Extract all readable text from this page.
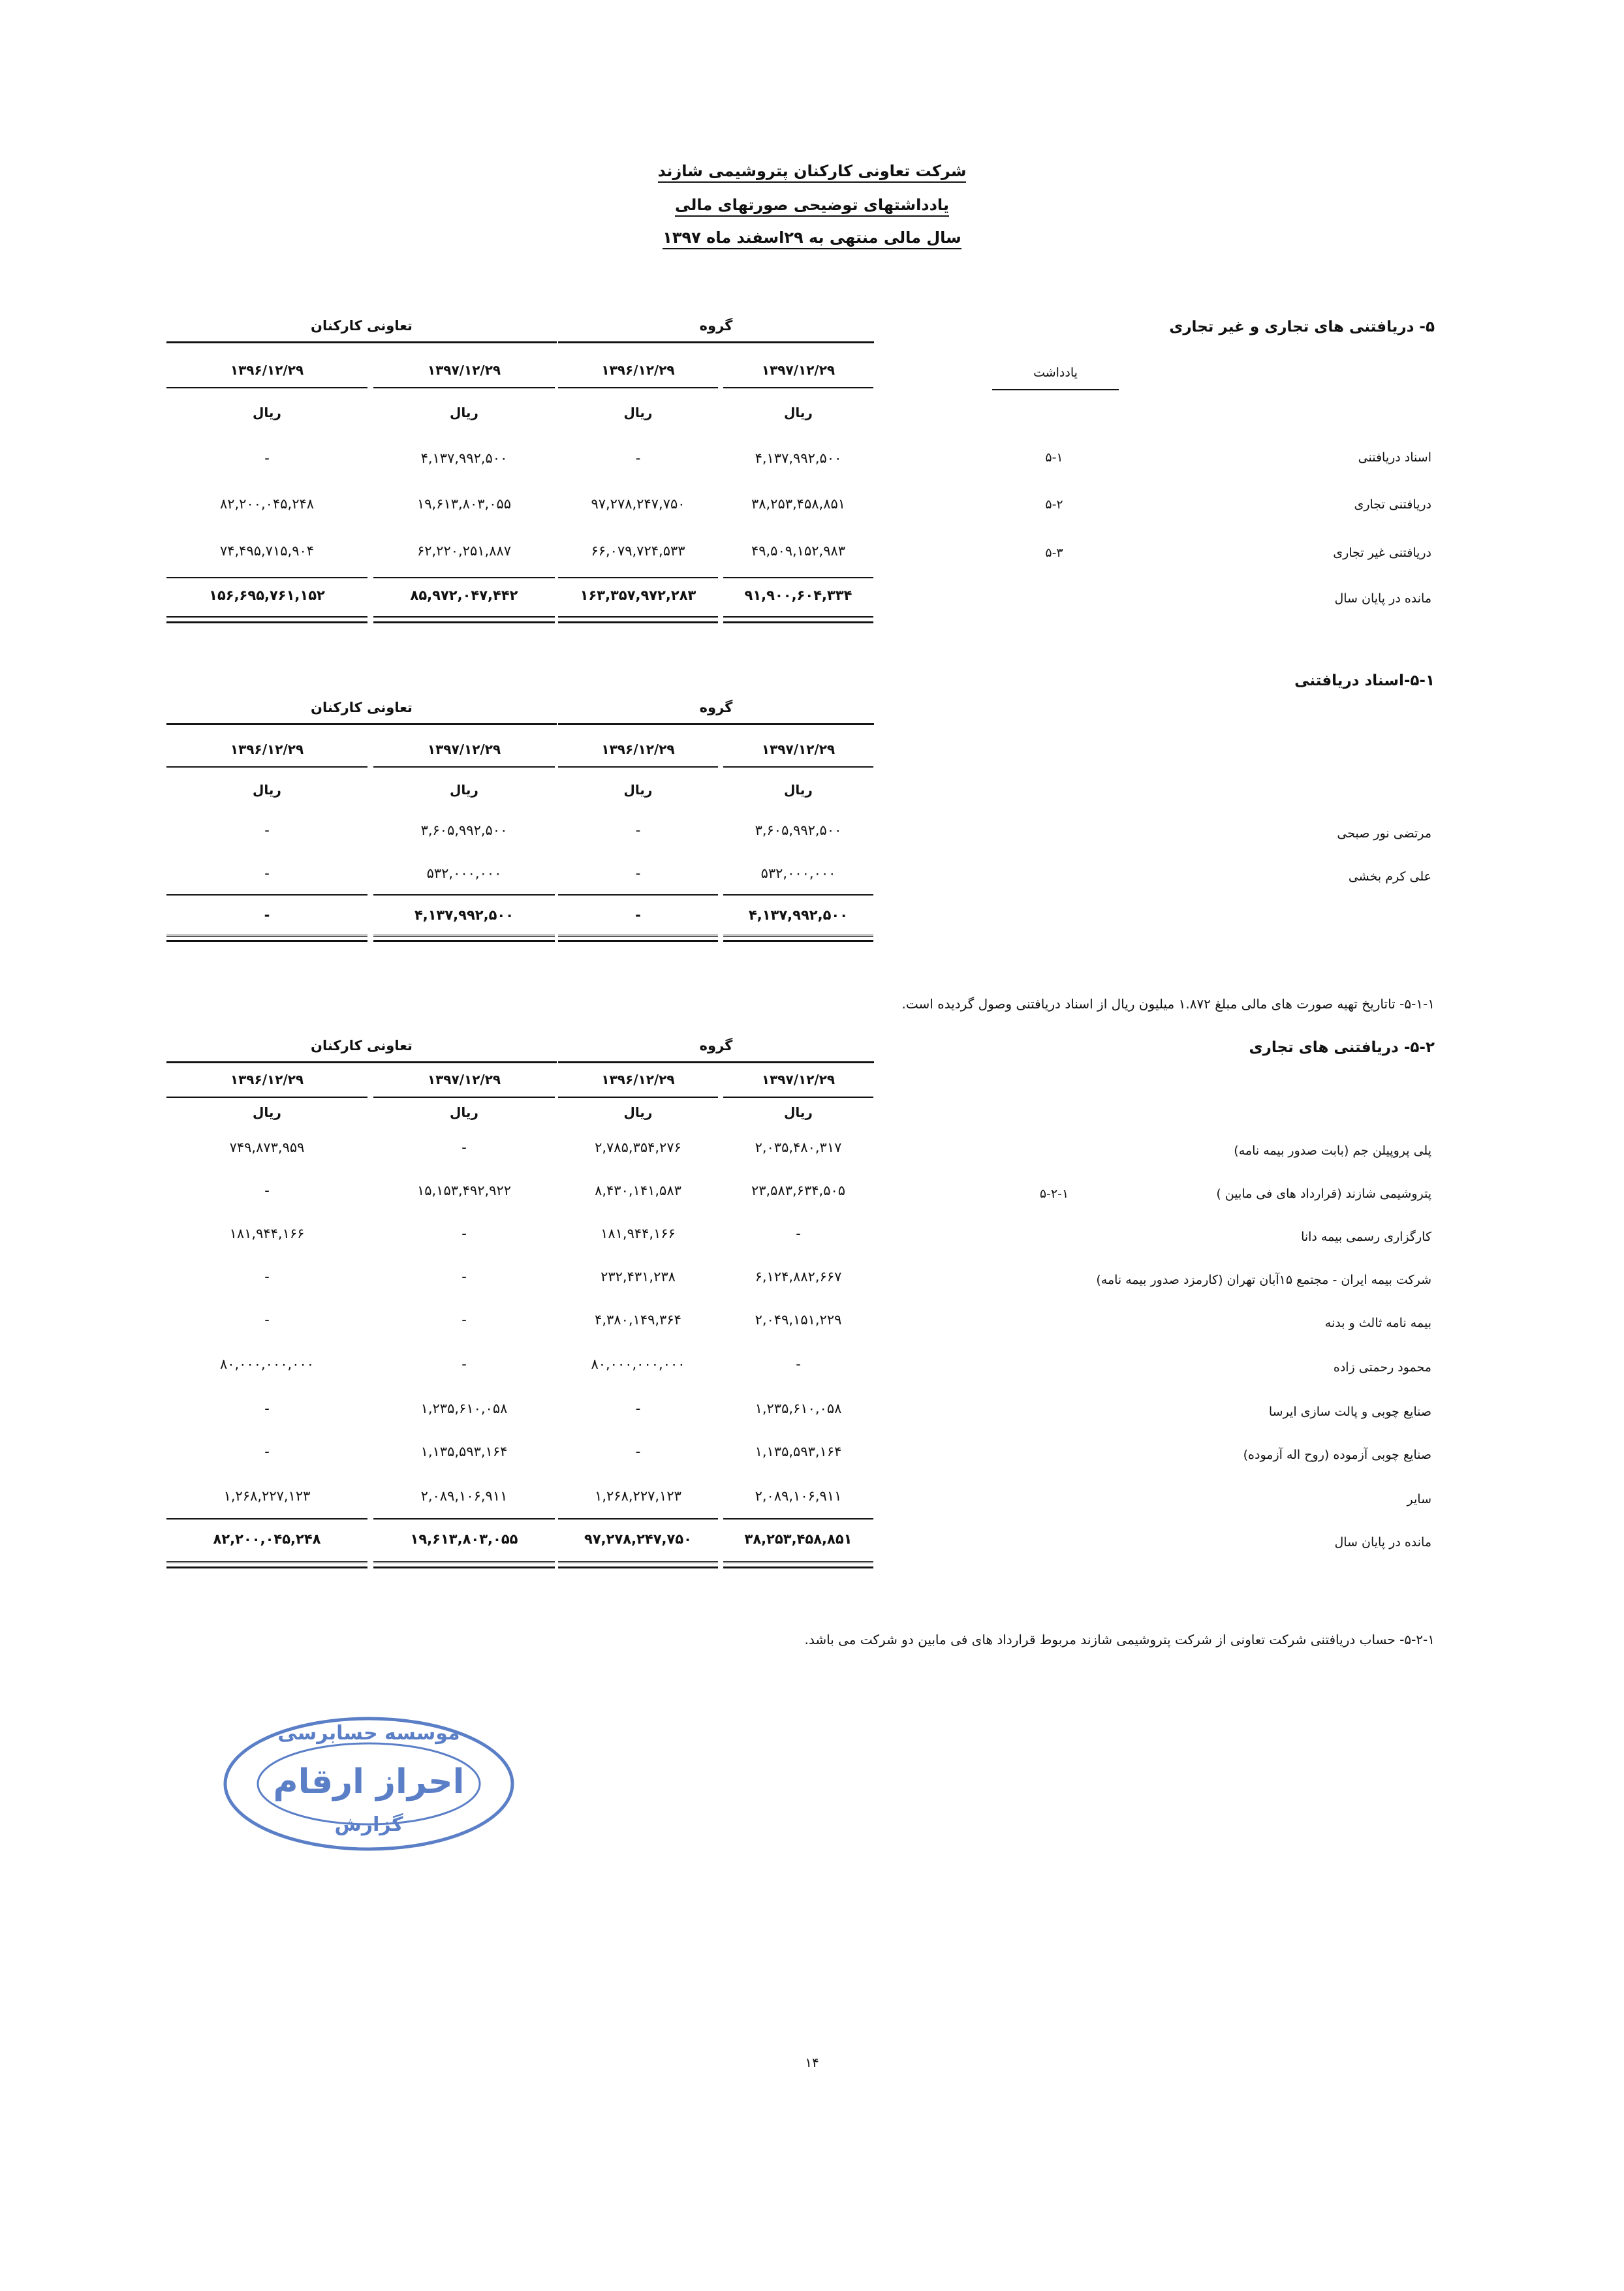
شرکت تعاونی کارکنان پتروشیمی شازند
یادداشتهای توضیحی صورتهای مالی
سال مالی منتهی به ۲۹اسفند ماه ۱۳۹۷
۵- دریافتنی های تجاری و غیر تجاری
گروه
تعاونی کارکنان
یادداشت
۱۳۹۷/۱۲/۲۹
۱۳۹۶/۱۲/۲۹
۱۳۹۷/۱۲/۲۹
۱۳۹۶/۱۲/۲۹
ریال
ریال
ریال
ریال
اسناد دریافتنی
۵-۱
۴,۱۳۷,۹۹۲,۵۰۰
-
۴,۱۳۷,۹۹۲,۵۰۰
-
دریافتنی تجاری
۵-۲
۳۸,۲۵۳,۴۵۸,۸۵۱
۹۷,۲۷۸,۲۴۷,۷۵۰
۱۹,۶۱۳,۸۰۳,۰۵۵
۸۲,۲۰۰,۰۴۵,۲۴۸
دریافتنی غیر تجاری
۵-۳
۴۹,۵۰۹,۱۵۲,۹۸۳
۶۶,۰۷۹,۷۲۴,۵۳۳
۶۲,۲۲۰,۲۵۱,۸۸۷
۷۴,۴۹۵,۷۱۵,۹۰۴
مانده در پایان سال
۹۱,۹۰۰,۶۰۴,۳۳۴
۱۶۳,۳۵۷,۹۷۲,۲۸۳
۸۵,۹۷۲,۰۴۷,۴۴۲
۱۵۶,۶۹۵,۷۶۱,۱۵۲
۵-۱-اسناد دریافتنی
گروه
تعاونی کارکنان
۱۳۹۷/۱۲/۲۹
۱۳۹۶/۱۲/۲۹
۱۳۹۷/۱۲/۲۹
۱۳۹۶/۱۲/۲۹
ریال
ریال
ریال
ریال
مرتضی نور صبحی
۳,۶۰۵,۹۹۲,۵۰۰
-
۳,۶۰۵,۹۹۲,۵۰۰
-
علی کرم بخشی
۵۳۲,۰۰۰,۰۰۰
-
۵۳۲,۰۰۰,۰۰۰
-
۴,۱۳۷,۹۹۲,۵۰۰
-
۴,۱۳۷,۹۹۲,۵۰۰
-
۵-۱-۱- تاتاریخ تهیه صورت های مالی مبلغ ۱.۸۷۲ میلیون ریال از اسناد دریافتنی وصول گردیده است.
۵-۲- دریافتنی های تجاری
گروه
تعاونی کارکنان
۱۳۹۷/۱۲/۲۹
۱۳۹۶/۱۲/۲۹
۱۳۹۷/۱۲/۲۹
۱۳۹۶/۱۲/۲۹
ریال
ریال
ریال
ریال
پلی پروپیلن جم (بابت صدور بیمه نامه)
۲,۰۳۵,۴۸۰,۳۱۷
۲,۷۸۵,۳۵۴,۲۷۶
-
۷۴۹,۸۷۳,۹۵۹
پتروشیمی شازند (قرارداد های فی مابین )
۵-۲-۱
۲۳,۵۸۳,۶۳۴,۵۰۵
۸,۴۳۰,۱۴۱,۵۸۳
۱۵,۱۵۳,۴۹۲,۹۲۲
-
کارگزاری رسمی بیمه دانا
-
۱۸۱,۹۴۴,۱۶۶
-
۱۸۱,۹۴۴,۱۶۶
شرکت بیمه ایران - مجتمع ۱۵آبان تهران (کارمزد صدور بیمه نامه)
۶,۱۲۴,۸۸۲,۶۶۷
۲۳۲,۴۳۱,۲۳۸
-
-
بیمه نامه ثالث و بدنه
۲,۰۴۹,۱۵۱,۲۲۹
۴,۳۸۰,۱۴۹,۳۶۴
-
-
محمود رحمتی زاده
-
۸۰,۰۰۰,۰۰۰,۰۰۰
-
۸۰,۰۰۰,۰۰۰,۰۰۰
صنایع چوبی و پالت سازی ایرسا
۱,۲۳۵,۶۱۰,۰۵۸
-
۱,۲۳۵,۶۱۰,۰۵۸
-
صنایع چوبی آزموده (روح اله آزموده)
۱,۱۳۵,۵۹۳,۱۶۴
-
۱,۱۳۵,۵۹۳,۱۶۴
-
سایر
۲,۰۸۹,۱۰۶,۹۱۱
۱,۲۶۸,۲۲۷,۱۲۳
۲,۰۸۹,۱۰۶,۹۱۱
۱,۲۶۸,۲۲۷,۱۲۳
مانده در پایان سال
۳۸,۲۵۳,۴۵۸,۸۵۱
۹۷,۲۷۸,۲۴۷,۷۵۰
۱۹,۶۱۳,۸۰۳,۰۵۵
۸۲,۲۰۰,۰۴۵,۲۴۸
۵-۲-۱- حساب دریافتنی شرکت تعاونی از شرکت پتروشیمی شازند مربوط قرارداد های فی مابین دو شرکت می باشد.
موسسه حسابرسی
احراز ارقام
گزارش
۱۴
